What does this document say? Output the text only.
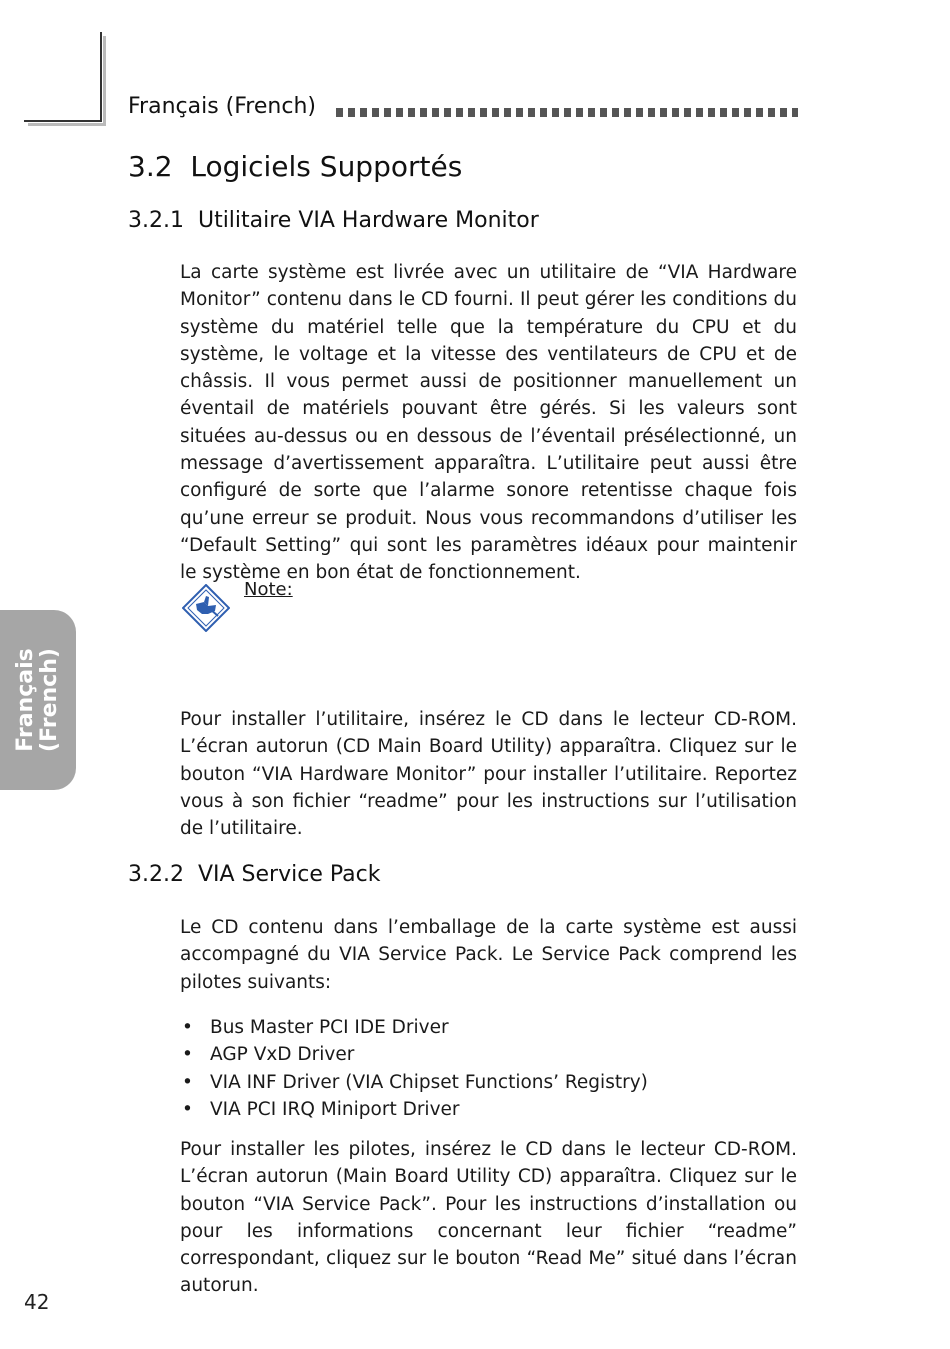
Français (French)
3.2  Logiciels Supportés
3.2.1  Utilitaire VIA Hardware Monitor
La carte système est livrée avec un utilitaire de “VIA Hardware Monitor” contenu dans le CD fourni. Il peut gérer les conditions du système du matériel telle que la température du CPU et du système, le voltage et la vitesse des ventilateurs de CPU et de châssis. Il vous permet aussi de positionner manuellement un éventail de matériels pouvant être gérés. Si les valeurs sont situées au-dessus ou en dessous de l’éventail présélectionné, un message d’avertissement apparaîtra. L’utilitaire peut aussi être configuré de sorte que l’alarme sonore retentisse chaque fois qu’une erreur se produit. Nous vous recommandons d’utiliser les “Default Setting” qui sont les paramètres idéaux pour maintenir le système en bon état de fonctionnement.
Note:
Pour installer l’utilitaire, insérez le CD dans le lecteur CD-ROM. L’écran autorun (CD Main Board Utility) apparaîtra. Cliquez sur le bouton “VIA Hardware Monitor” pour installer l’utilitaire. Reportez vous à son fichier “readme” pour les instructions sur l’utilisation de l’utilitaire.
3.2.2  VIA Service Pack
Le CD contenu dans l’emballage de la carte système est aussi accompagné du VIA Service Pack. Le Service Pack comprend les pilotes suivants:
• Bus Master PCI IDE Driver
• AGP VxD Driver
• VIA INF Driver (VIA Chipset Functions’ Registry)
• VIA PCI IRQ Miniport Driver
Pour installer les pilotes, insérez le CD dans le lecteur CD-ROM. L’écran autorun (Main Board Utility CD) apparaîtra. Cliquez sur le bouton “VIA Service Pack”. Pour les instructions d’installation ou pour les informations concernant leur fichier “readme” correspondant, cliquez sur le bouton “Read Me” situé dans l’écran autorun.
Français (French)
42
